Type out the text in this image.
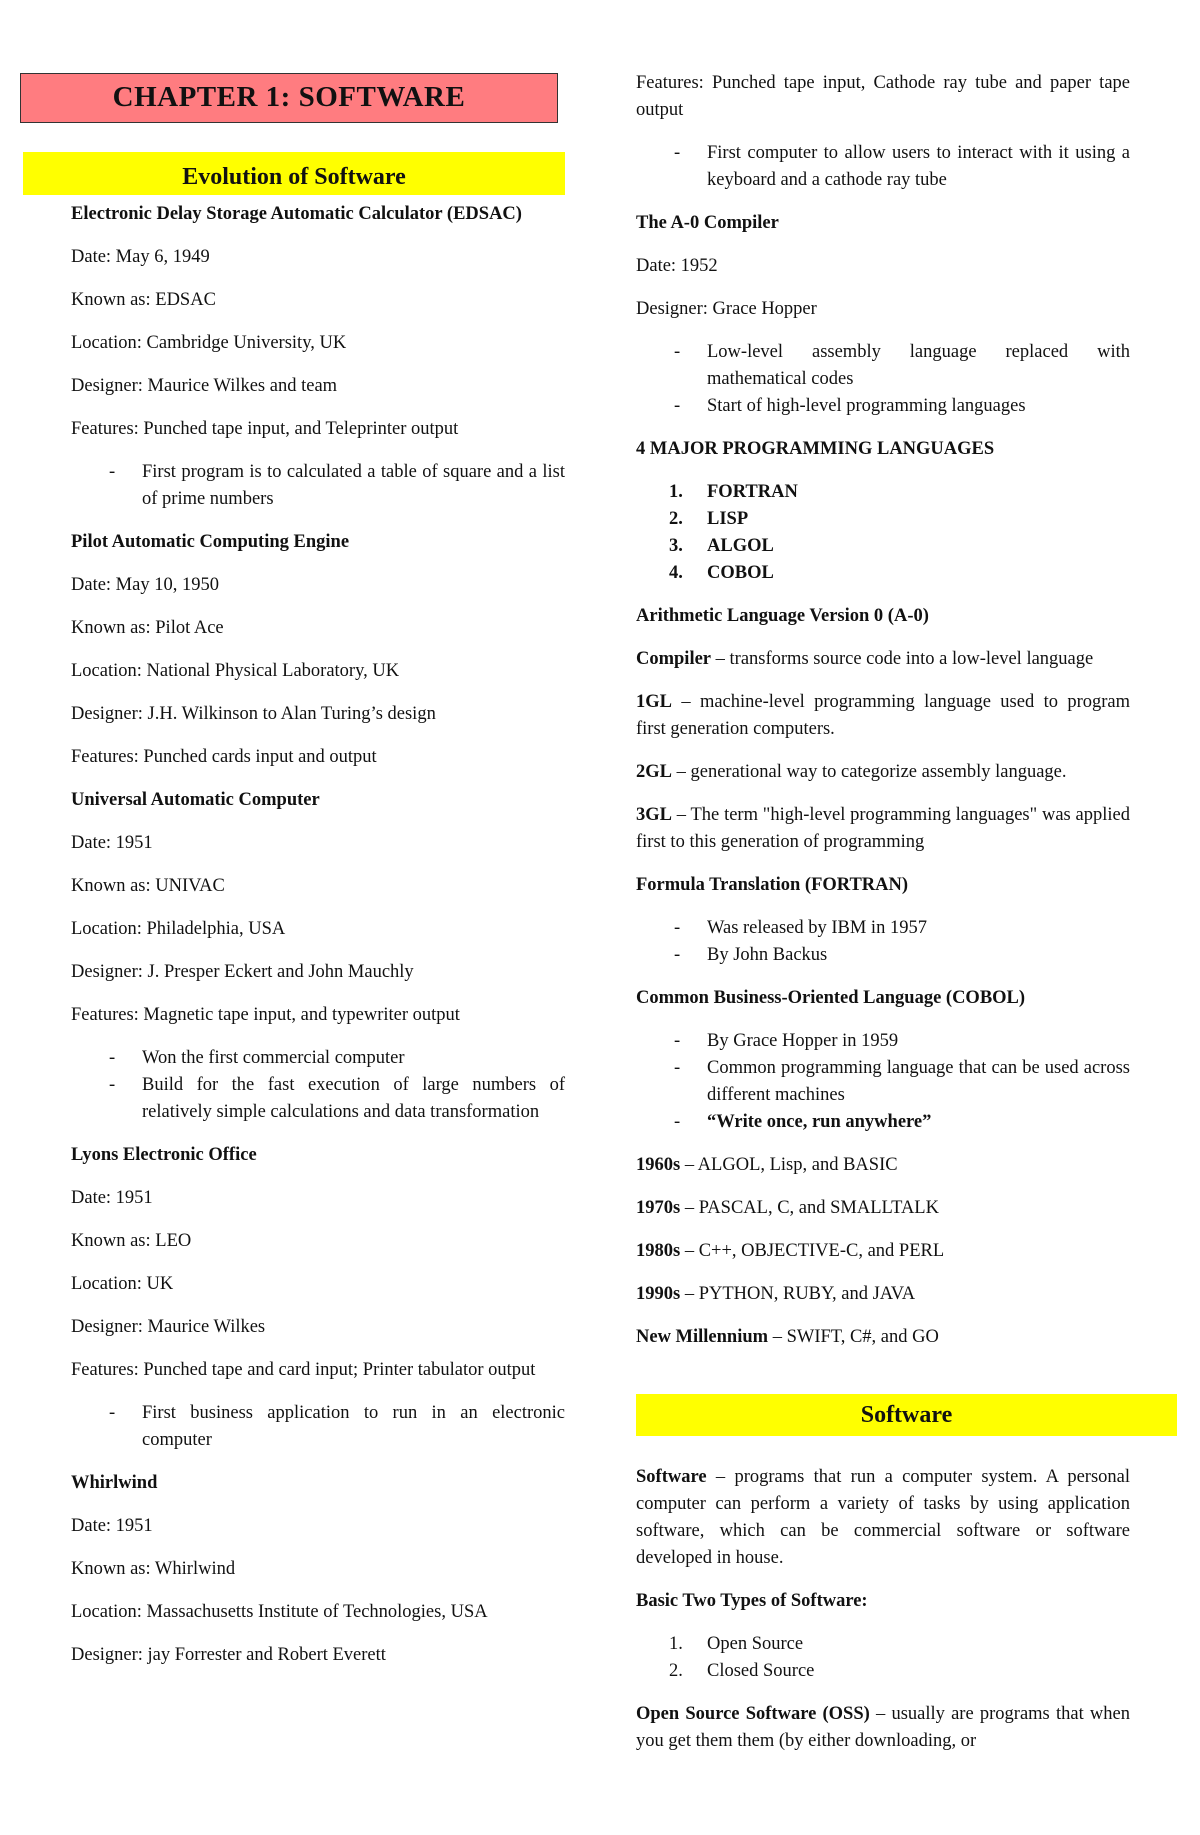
CHAPTER 1: SOFTWARE
Evolution of Software
Electronic Delay Storage Automatic Calculator (EDSAC)
Date: May 6, 1949
Known as: EDSAC
Location: Cambridge University, UK
Designer: Maurice Wilkes and team
Features: Punched tape input, and Teleprinter output
- First program is to calculated a table of square and a list of prime numbers
Pilot Automatic Computing Engine
Date: May 10, 1950
Known as: Pilot Ace
Location: National Physical Laboratory, UK
Designer: J.H. Wilkinson to Alan Turing’s design
Features: Punched cards input and output
Universal Automatic Computer
Date: 1951
Known as: UNIVAC
Location: Philadelphia, USA
Designer: J. Presper Eckert and John Mauchly
Features: Magnetic tape input, and typewriter output
- Won the first commercial computer
- Build for the fast execution of large numbers of relatively simple calculations and data transformation
Lyons Electronic Office
Date: 1951
Known as: LEO
Location: UK
Designer: Maurice Wilkes
Features: Punched tape and card input; Printer tabulator output
- First business application to run in an electronic computer
Whirlwind
Date: 1951
Known as: Whirlwind
Location: Massachusetts Institute of Technologies, USA
Designer: jay Forrester and Robert Everett
Features: Punched tape input, Cathode ray tube and paper tape output
- First computer to allow users to interact with it using a keyboard and a cathode ray tube
The A-0 Compiler
Date: 1952
Designer: Grace Hopper
- Low-level assembly language replaced with mathematical codes
- Start of high-level programming languages
4 MAJOR PROGRAMMING LANGUAGES
1. FORTRAN
2. LISP
3. ALGOL
4. COBOL
Arithmetic Language Version 0 (A-0)
Compiler – transforms source code into a low-level language
1GL – machine-level programming language used to program first generation computers.
2GL – generational way to categorize assembly language.
3GL – The term "high-level programming languages" was applied first to this generation of programming
Formula Translation (FORTRAN)
- Was released by IBM in 1957
- By John Backus
Common Business-Oriented Language (COBOL)
- By Grace Hopper in 1959
- Common programming language that can be used across different machines
- “Write once, run anywhere”
1960s – ALGOL, Lisp, and BASIC
1970s – PASCAL, C, and SMALLTALK
1980s – C++, OBJECTIVE-C, and PERL
1990s – PYTHON, RUBY, and JAVA
New Millennium – SWIFT, C#, and GO
Software
Software – programs that run a computer system. A personal computer can perform a variety of tasks by using application software, which can be commercial software or software developed in house.
Basic Two Types of Software:
1. Open Source
2. Closed Source
Open Source Software (OSS) – usually are programs that when you get them them (by either downloading, or
